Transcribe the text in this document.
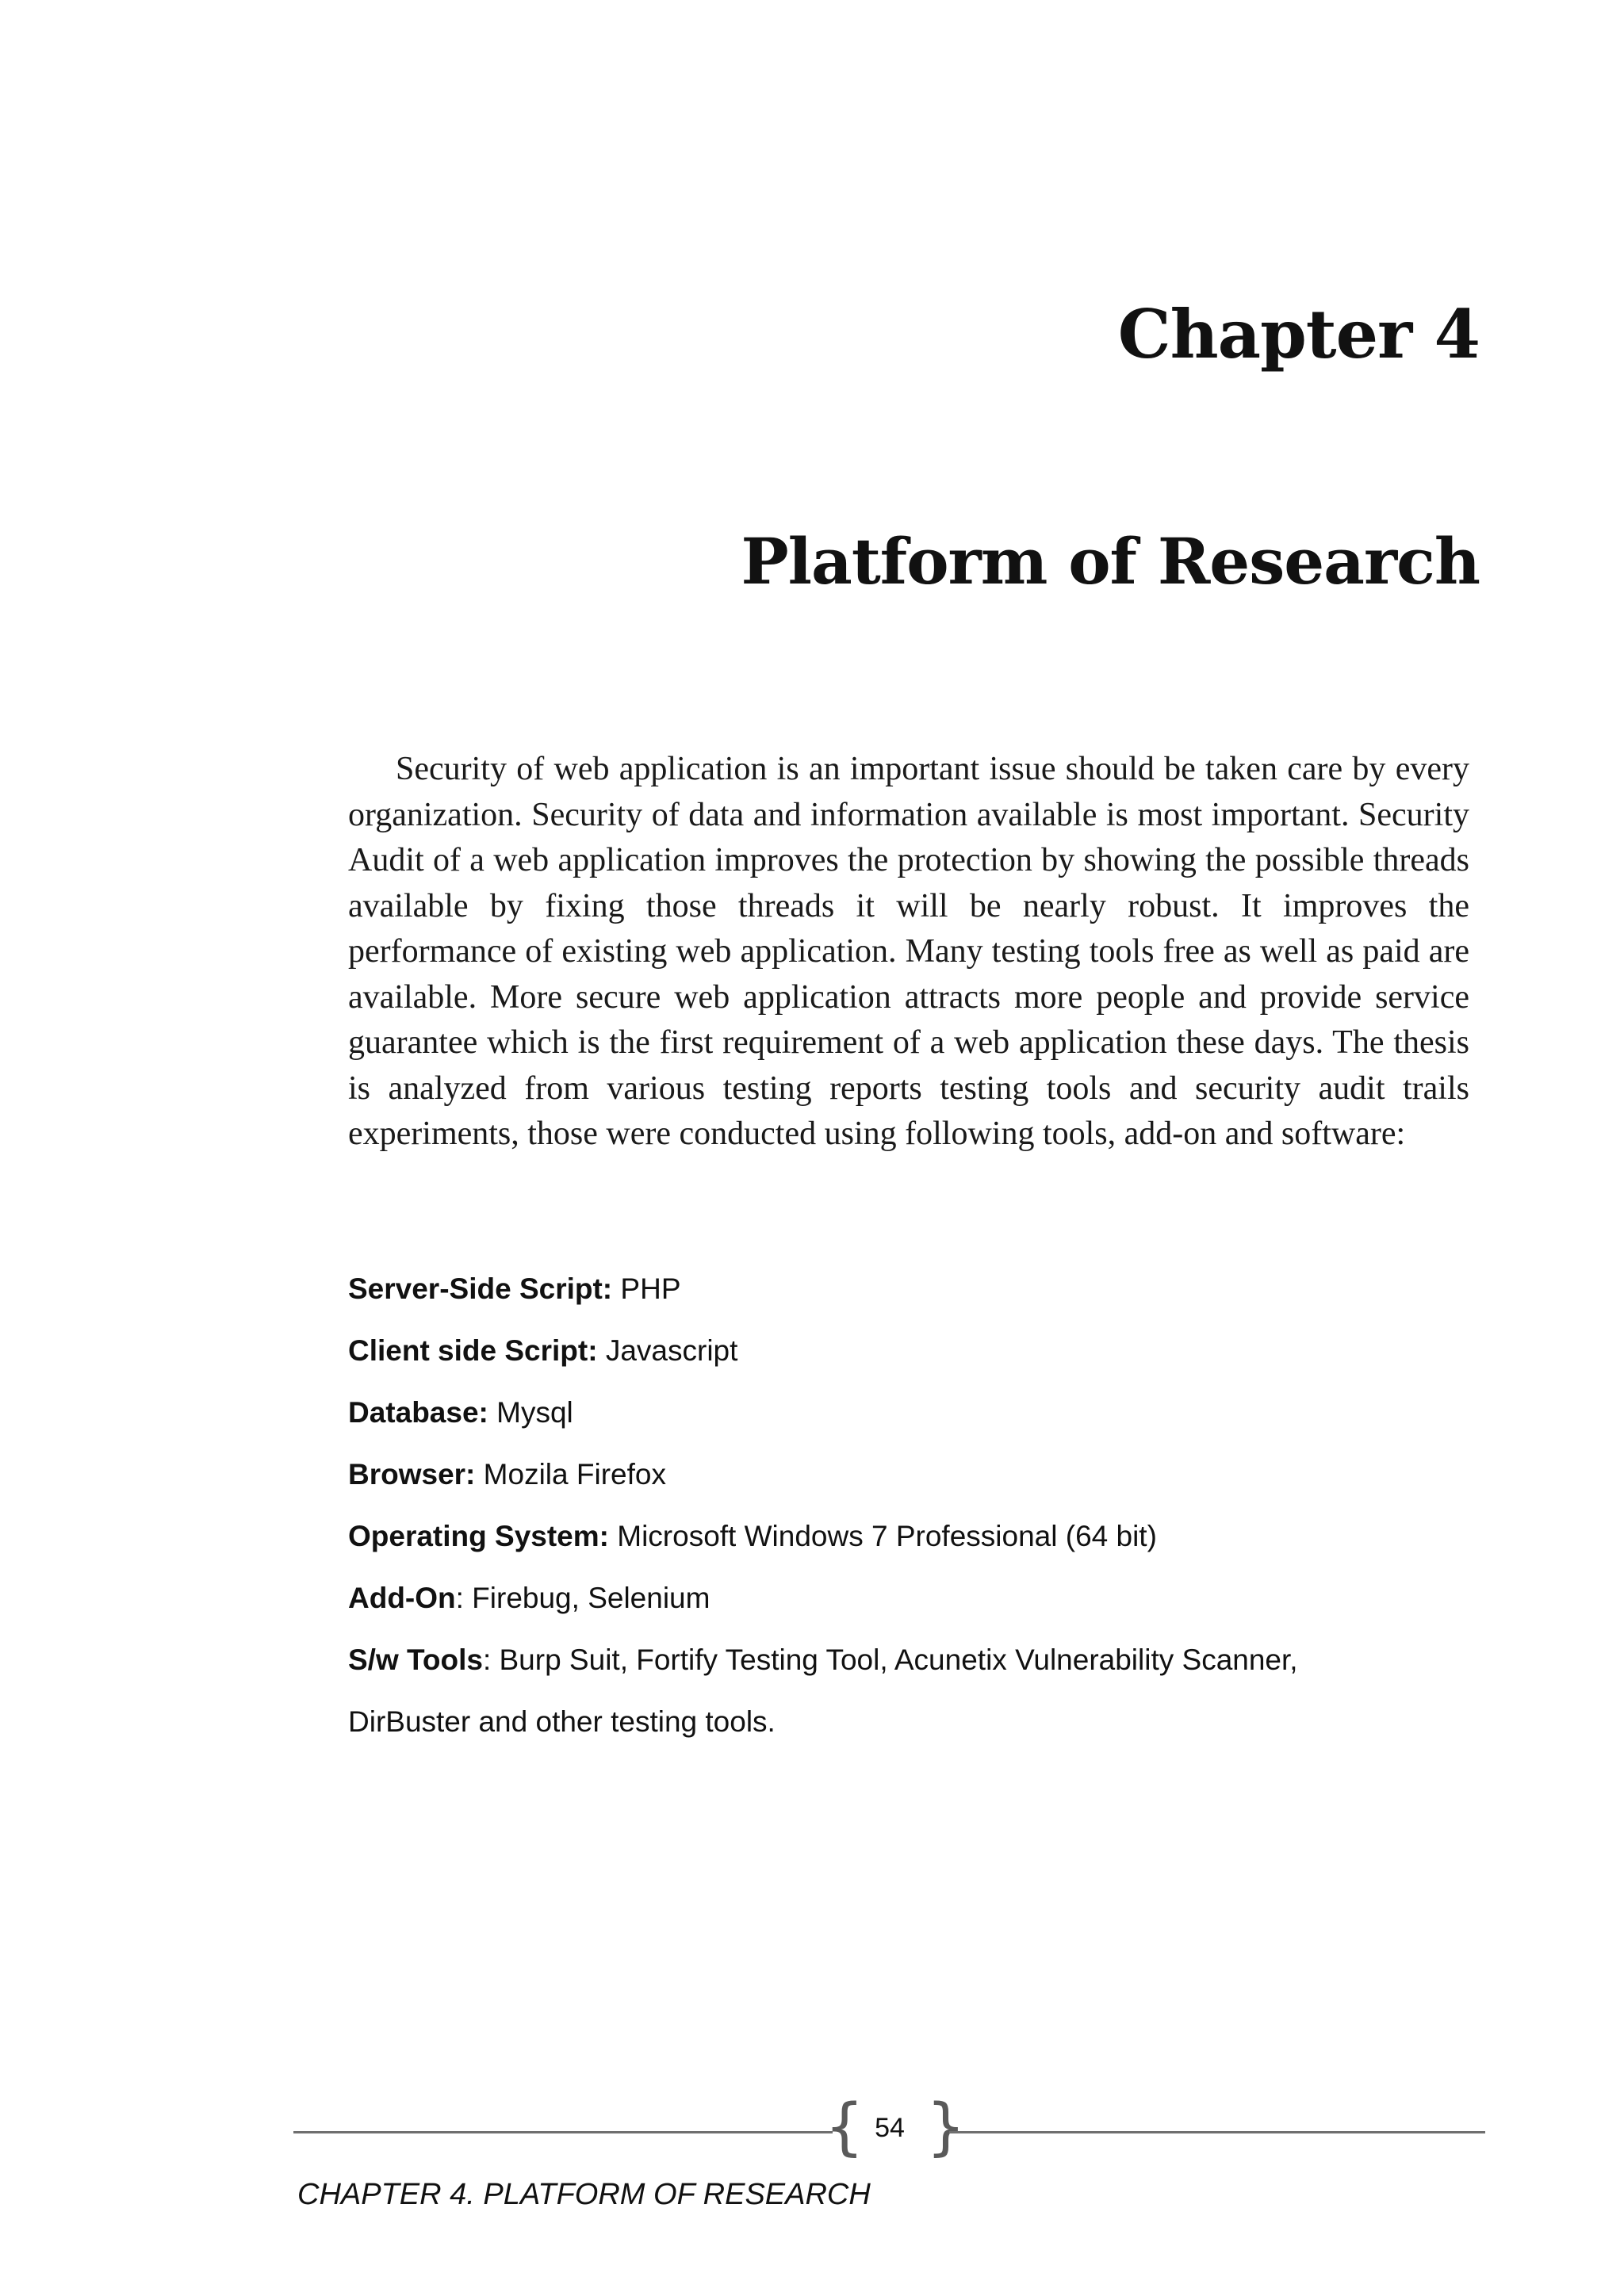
Chapter 4
Platform of Research

Security of web application is an important issue should be taken care by every organization. Security of data and information available is most important. Security Audit of a web application improves the protection by showing the possible threads available by fixing those threads it will be nearly robust. It improves the performance of existing web application. Many testing tools free as well as paid are available. More secure web application attracts more people and provide service guarantee which is the first requirement of a web application these days. The thesis is analyzed from various testing reports testing tools and security audit trails experiments, those were conducted using following tools, add-on and software:

Server-Side Script: PHP
Client side Script: Javascript
Database: Mysql
Browser: Mozila Firefox
Operating System: Microsoft Windows 7 Professional (64 bit)
Add-On: Firebug, Selenium
S/w Tools: Burp Suit, Fortify Testing Tool, Acunetix Vulnerability Scanner,
DirBuster and other testing tools.
{ 54 }
CHAPTER 4. PLATFORM OF RESEARCH
